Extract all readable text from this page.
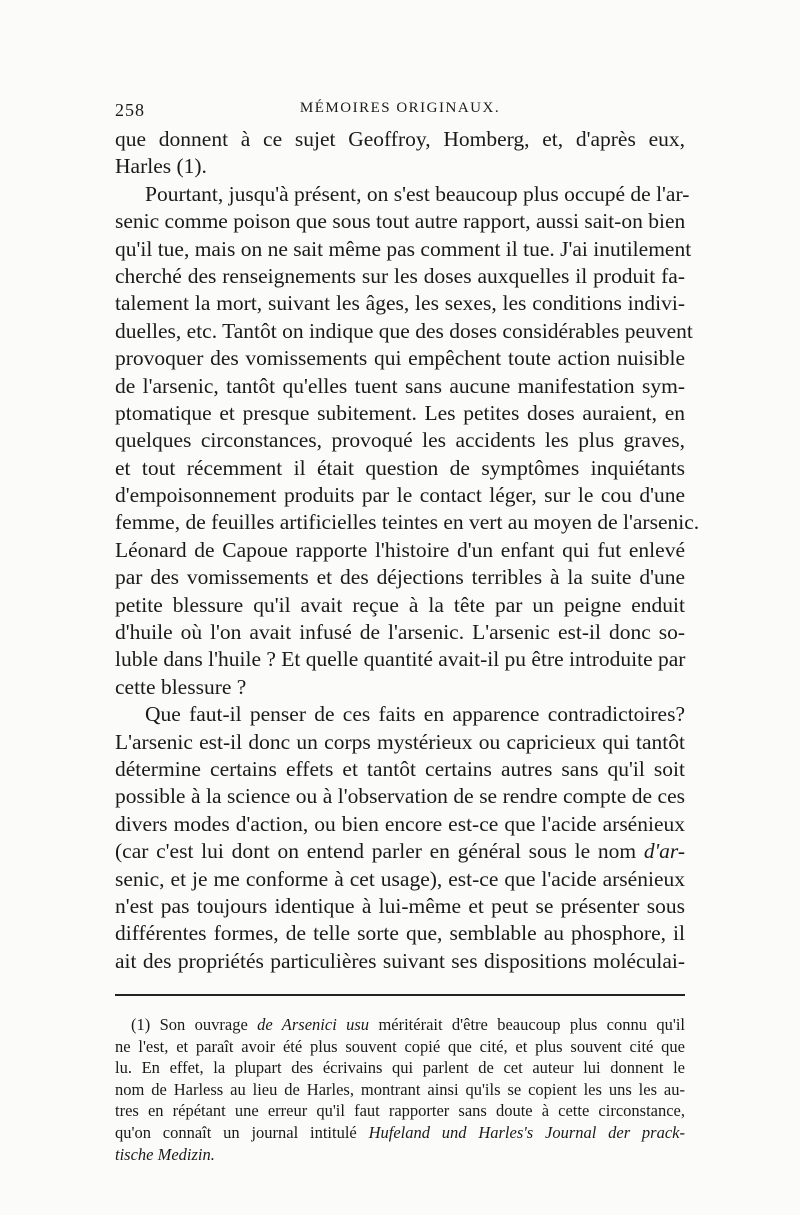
258	MÉMOIRES ORIGINAUX.
que donnent à ce sujet Geoffroy, Homberg, et, d'après eux,
Harles (1).
Pourtant, jusqu'à présent, on s'est beaucoup plus occupé de l'ar-
senic comme poison que sous tout autre rapport, aussi sait-on bien
qu'il tue, mais on ne sait même pas comment il tue. J'ai inutilement
cherché des renseignements sur les doses auxquelles il produit fa-
talement la mort, suivant les âges, les sexes, les conditions indivi-
duelles, etc. Tantôt on indique que des doses considérables peuvent
provoquer des vomissements qui empêchent toute action nuisible
de l'arsenic, tantôt qu'elles tuent sans aucune manifestation sym-
ptomatique et presque subitement. Les petites doses auraient, en
quelques circonstances, provoqué les accidents les plus graves,
et tout récemment il était question de symptômes inquiétants
d'empoisonnement produits par le contact léger, sur le cou d'une
femme, de feuilles artificielles teintes en vert au moyen de l'arsenic.
Léonard de Capoue rapporte l'histoire d'un enfant qui fut enlevé
par des vomissements et des déjections terribles à la suite d'une
petite blessure qu'il avait reçue à la tête par un peigne enduit
d'huile où l'on avait infusé de l'arsenic. L'arsenic est-il donc so-
luble dans l'huile ? Et quelle quantité avait-il pu être introduite par
cette blessure ?
Que faut-il penser de ces faits en apparence contradictoires?
L'arsenic est-il donc un corps mystérieux ou capricieux qui tantôt
détermine certains effets et tantôt certains autres sans qu'il soit
possible à la science ou à l'observation de se rendre compte de ces
divers modes d'action, ou bien encore est-ce que l'acide arsénieux
(car c'est lui dont on entend parler en général sous le nom d'ar-
senic, et je me conforme à cet usage), est-ce que l'acide arsénieux
n'est pas toujours identique à lui-même et peut se présenter sous
différentes formes, de telle sorte que, semblable au phosphore, il
ait des propriétés particulières suivant ses dispositions moléculai-
(1) Son ouvrage de Arsenici usu méritérait d'être beaucoup plus connu qu'il
ne l'est, et paraît avoir été plus souvent copié que cité, et plus souvent cité que
lu. En effet, la plupart des écrivains qui parlent de cet auteur lui donnent le
nom de Harless au lieu de Harles, montrant ainsi qu'ils se copient les uns les au-
tres en répétant une erreur qu'il faut rapporter sans doute à cette circonstance,
qu'on connaît un journal intitulé Hufeland und Harles's Journal der prack-
tische Medizin.
